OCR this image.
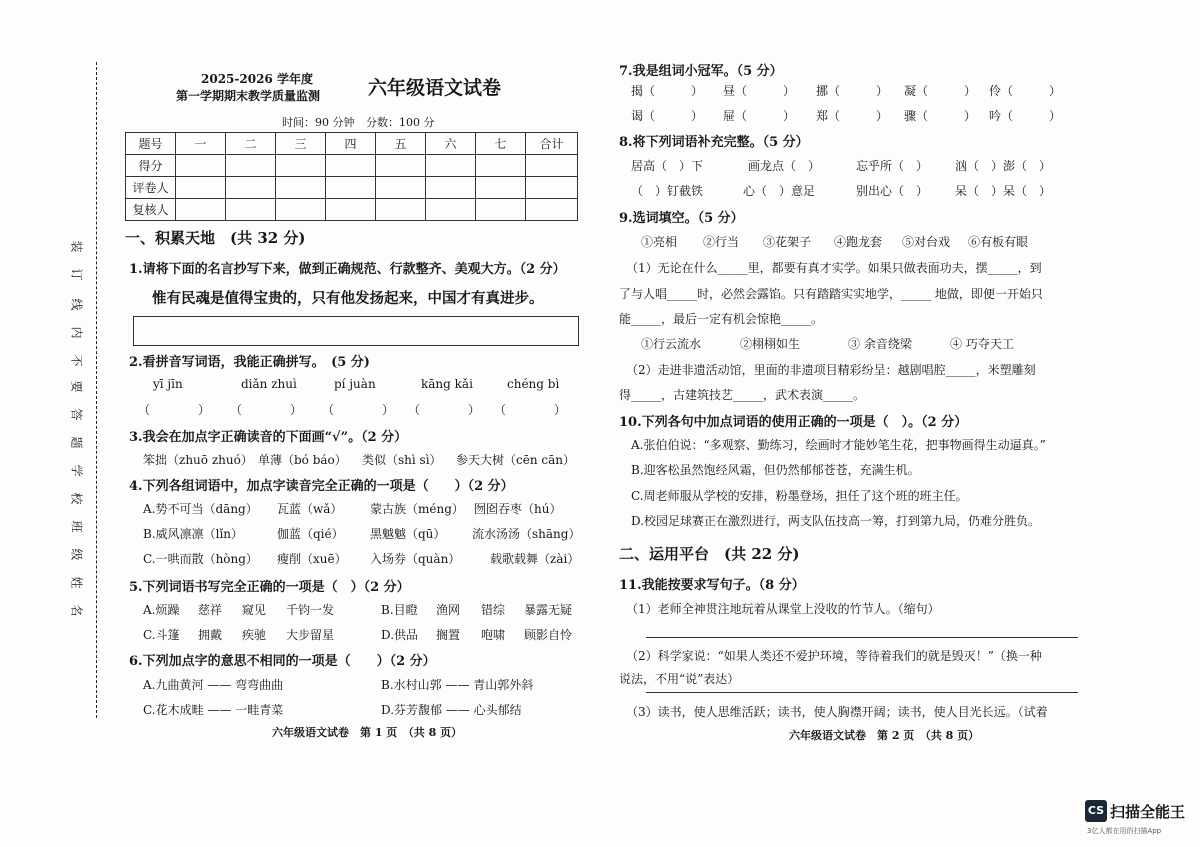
装
订
线
内
不
要
答
题
学
校
班
级
姓
名
2025-2026 学年度
第一学期期末教学质量监测	六年级语文试卷
时间：90 分钟 分数：100 分
题号	一	二	三	四	五	六	七	合计
得分								
评卷人								
复核人								
一、积累天地　(共 32 分)
1.请将下面的名言抄写下来，做到正确规范、行款整齐、美观大方。（2 分）
惟有民魂是值得宝贵的，只有他发扬起来，中国才有真进步。
2.看拼音写词语，我能正确拼写。　(5 分)
yī jīn	diǎn zhuì	pí juàn	kāng kǎi	chéng bì
（　　　　） （　　　　） （　　　　） （　　　　） （　　　　）
3.我会在加点字正确读音的下面画“√”。（2 分）
笨拙（zhuō zhuó） 单薄（bó báo） 类似（shì sì） 参天大树（cēn cān）
4.下列各组词语中，加点字读音完全正确的一项是（　　）（2 分）
A.势不可当（dāng） 瓦蓝（wǎ） 蒙古族（méng） 囫囵吞枣（hú）
B.威风凛凛（lǐn）	伽蓝（qié） 黑魆魆（qū） 流水汤汤（shāng）
C.一哄而散（hòng） 瘦削（xuē） 入场券（quàn） 载歌载舞（zài）
5.下列词语书写完全正确的一项是（　）（2 分）
A.烦躁 慈祥 窥见 千钧一发	B.目瞪 渔网 错综 暴露无疑
C.斗篷 拥戴 疾驰 大步留星	D.供品 搁置 咆啸 顾影自怜
6.下列加点字的意思不相同的一项是（　　）（2 分）
A.九曲黄河 —— 弯弯曲曲	B.水村山郭 —— 青山郭外斜
C.花木成畦 —— 一畦青菜	D.芬芳馥郁 —— 心头郁结
六年级语文试卷　第 1 页　（共 8 页）
7.我是组词小冠军。（5 分）
揭（　　　） 昼（　　　） 挪（　　　） 凝（　　　） 伶（　　　）
谒（　　　） 屉（　　　） 郑（　　　） 骤（　　　） 吟（　　　）
8.将下列词语补充完整。（5 分）
居高（　）下	画龙点（　）	忘乎所（　） 汹（　）澎（　）
（　）钉截铁	心（　）意足	别出心（　） 呆（　）呆（　）
9.选词填空。（5 分）
①亮相 ②行当 ③花架子 ④跑龙套 ⑤对台戏 ⑥有板有眼
（1）无论在什么_____里，都要有真才实学。如果只做表面功夫，摆_____，到
了与人唱_____时，必然会露馅。只有踏踏实实地学，_____ 地做，即便一开始只
能_____，最后一定有机会惊艳_____。
①行云流水	②栩栩如生	③ 余音绕梁	④ 巧夺天工
（2）走进非遗活动馆，里面的非遗项目精彩纷呈：越剧唱腔_____，米塑雕刻
得_____，古建筑技艺_____，武术表演_____。
10.下列各句中加点词语的使用正确的一项是（　）。（2 分）
A.张伯伯说：“多观察、勤练习，绘画时才能妙笔生花，把事物画得生动逼真。”
B.迎客松虽然饱经风霜，但仍然郁郁苍苍，充满生机。
C.周老师服从学校的安排，粉墨登场，担任了这个班的班主任。
D.校园足球赛正在激烈进行，两支队伍技高一筹，打到第九局，仍难分胜负。
二、运用平台　(共 22 分)
11.我能按要求写句子。（8 分）
（1）老师全神贯注地玩着从课堂上没收的竹节人。（缩句）
（2）科学家说：“如果人类还不爱护环境，等待着我们的就是毁灭！”（换一种
说法，不用“说”表达）
（3）读书，使人思维活跃；读书，使人胸襟开阔；读书，使人目光长远。（试着
六年级语文试卷　第 2 页　（共 8 页）
CS 扫描全能王
3亿人都在用的扫描App
